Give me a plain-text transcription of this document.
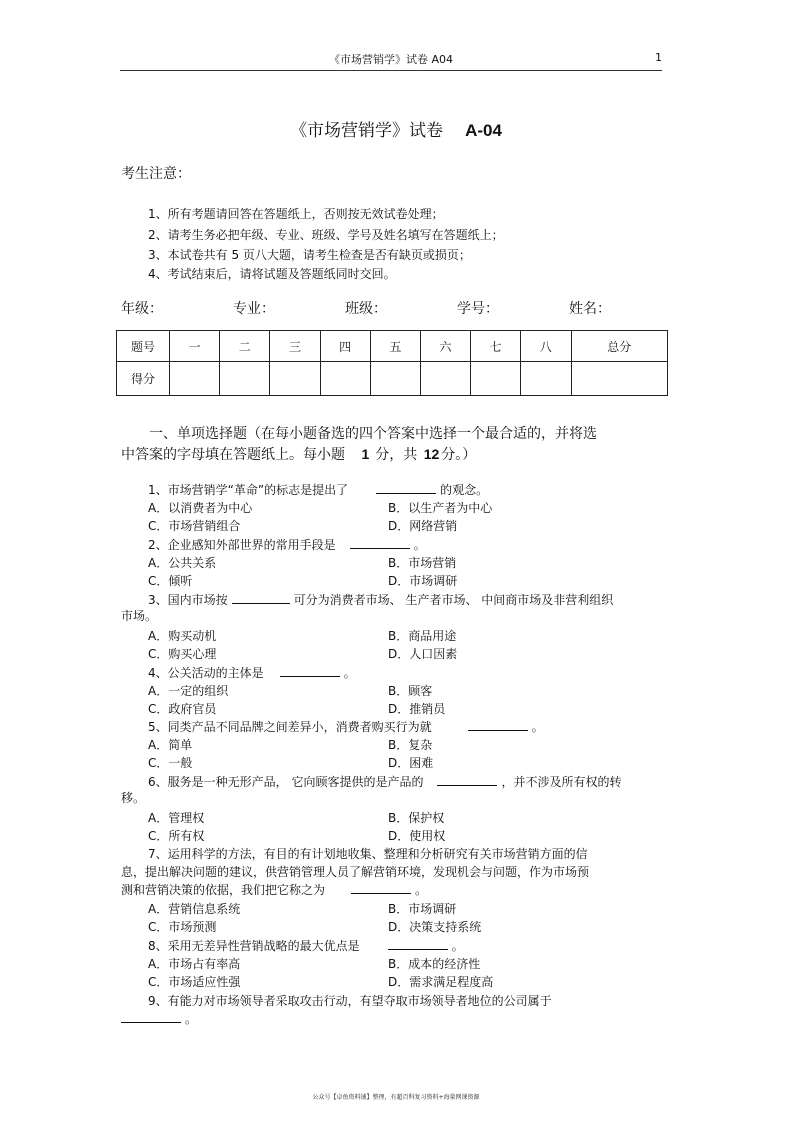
《市场营销学》试卷 A04	1
《市场营销学》试卷 A-04
考生注意：
1、所有考题请回答在答题纸上，否则按无效试卷处理；
2、请考生务必把年级、专业、班级、学号及姓名填写在答题纸上；
3、本试卷共有 5 页八大题，请考生检查是否有缺页或损页；
4、考试结束后，请将试题及答题纸同时交回。
年级：	专业：	班级：	学号：	姓名：
题号	一	二	三	四	五	六	七	八	总分
得分									
一、单项选择题（在每小题备选的四个答案中选择一个最合适的，并将选
中答案的字母填在答题纸上。每小题 1 分，共 12 分。）
1、市场营销学“革命”的标志是提出了	的观念。
A．以消费者为中心	B．以生产者为中心
C．市场营销组合	D．网络营销
2、企业感知外部世界的常用手段是	。
A．公共关系	B．市场营销
C．倾听	D．市场调研
3、国内市场按	可分为消费者市场、 生产者市场、 中间商市场及非营利组织
市场。
A．购买动机	B．商品用途
C．购买心理	D．人口因素
4、公关活动的主体是	。
A．一定的组织	B．顾客
C．政府官员	D．推销员
5、同类产品不同品牌之间差异小，消费者购买行为就	。
A．简单	B．复杂
C．一般	D．困难
6、服务是一种无形产品， 它向顾客提供的是产品的	，并不涉及所有权的转
移。
A．管理权	B．保护权
C．所有权	D．使用权
7、运用科学的方法，有目的有计划地收集、整理和分析研究有关市场营销方面的信
息，提出解决问题的建议，供营销管理人员了解营销环境，发现机会与问题，作为市场预
测和营销决策的依据，我们把它称之为	。
A．营销信息系统	B．市场调研
C．市场预测	D．决策支持系统
8、采用无差异性营销战略的最大优点是	。
A．市场占有率高	B．成本的经济性
C．市场适应性强	D．需求满足程度高
9、有能力对市场领导者采取攻击行动，有望夺取市场领导者地位的公司属于
。
公众号【卓鱼资料铺】整理，有超百科复习资料+海量网课资源
